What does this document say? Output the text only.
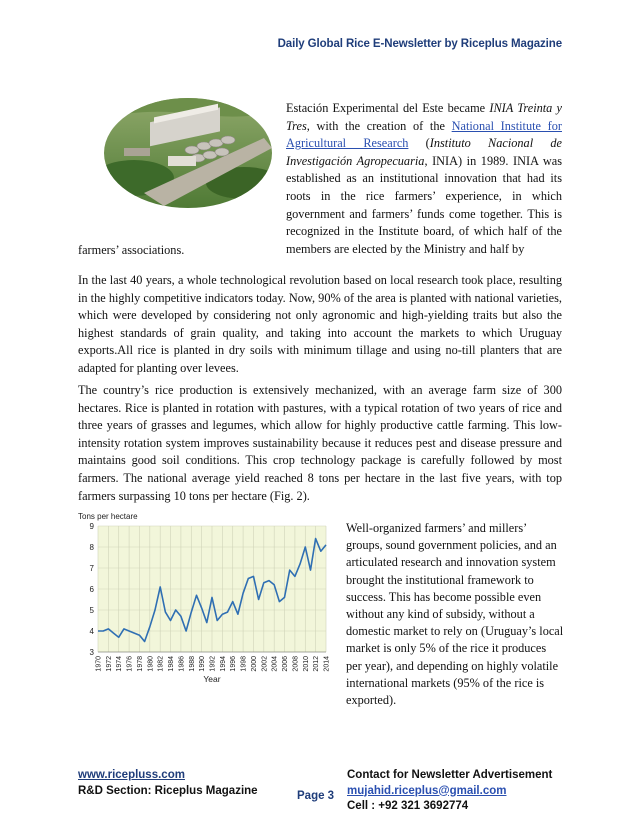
Daily Global Rice E-Newsletter by Riceplus Magazine

Estación Experimental del Este became INIA Treinta y Tres, with the creation of the National Institute for Agricultural Research (Instituto Nacional de Investigación Agropecuaria, INIA) in 1989. INIA was established as an institutional innovation that had its roots in the rice farmers’ experience, in which government and farmers’ funds come together. This is recognized in the Institute board, of which half of the members are elected by the Ministry and half by

farmers’ associations.

In the last 40 years, a whole technological revolution based on local research took place, resulting in the highly competitive indicators today. Now, 90% of the area is planted with national varieties, which were developed by considering not only agronomic and high-yielding traits but also the highest standards of grain quality, and taking into account the markets to which Uruguay exports.All rice is planted in dry soils with minimum tillage and using no-till planters that are adapted for planting over levees.

The country’s rice production is extensively mechanized, with an average farm size of 300 hectares. Rice is planted in rotation with pastures, with a typical rotation of two years of rice and three years of grasses and legumes, which allow for highly productive cattle farming. This low-intensity rotation system improves sustainability because it reduces pest and disease pressure and maintains good soil conditions. This crop technology package is carefully followed by most farmers. The national average yield reached 8 tons per hectare in the last five years, with top farmers surpassing 10 tons per hectare (Fig. 2).

3
4
5
6
7
8
9
1970 1972 1974 1976 1978 1980 1982 1984 1986 1988 1990 1992 1994 1996 1998 2000 2002 2004 2006 2008 2010 2012 2014
Tons per hectare
Year

Well-organized farmers’ and millers’ groups, sound government policies, and an articulated research and innovation system brought the institutional framework to success. This has become possible even without any kind of subsidy, without a domestic market to rely on (Uruguay’s local market is only 5% of the rice it produces per year), and depending on highly volatile international markets (95% of the rice is exported).

www.ricepluss.com
R&D Section: Riceplus Magazine	Page 3
Contact for Newsletter Advertisement
mujahid.riceplus@gmail.com
Cell : +92 321 3692774
